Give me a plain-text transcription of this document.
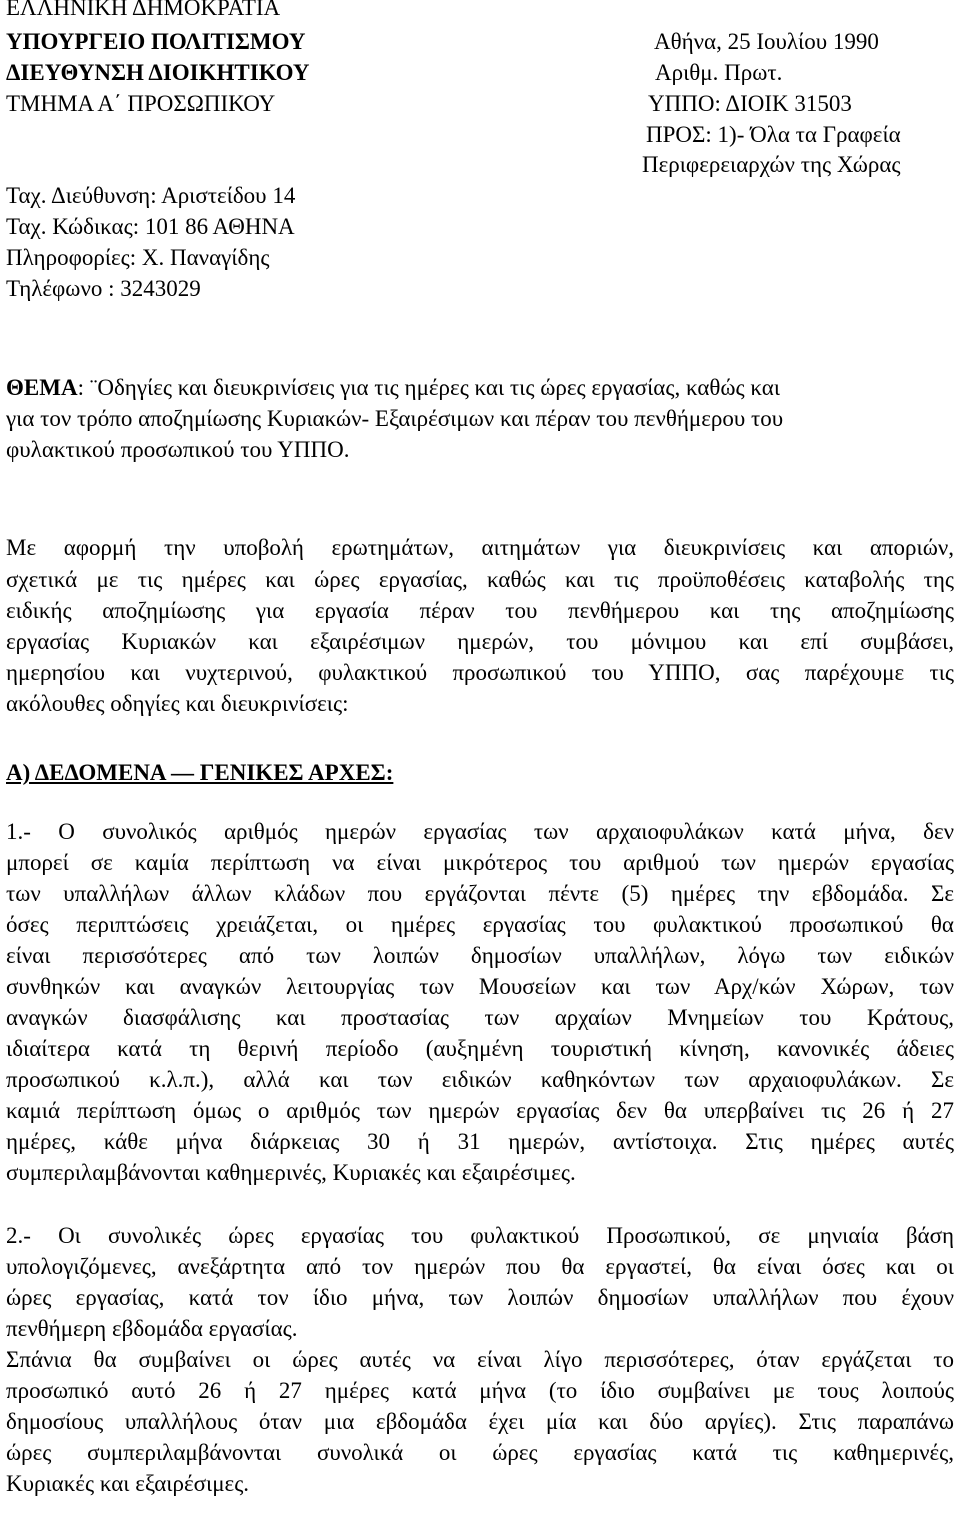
ΕΛΛΗΝΙΚΗ ΔΗΜΟΚΡΑΤΙΑ
ΥΠΟΥΡΓΕΙΟ ΠΟΛΙΤΙΣΜΟΥ
ΔΙΕΥΘΥΝΣΗ ΔΙΟΙΚΗΤΙΚΟΥ
ΤΜΗΜΑ Α΄ ΠΡΟΣΩΠΙΚΟΥ
Αθήνα, 25 Ιουλίου 1990
Αριθμ. Πρωτ.
ΥΠΠΟ: ΔΙΟΙΚ 31503
ΠΡΟΣ: 1)- Όλα τα Γραφεία
Περιφερειαρχών της Χώρας
Ταχ. Διεύθυνση: Αριστείδου 14
Ταχ. Κώδικας: 101 86 ΑΘΗΝΑ
Πληροφορίες: Χ. Παναγίδης
Τηλέφωνο : 3243029
ΘΕΜΑ: ¨Οδηγίες και διευκρινίσεις για τις ημέρες και τις ώρες εργασίας, καθώς και
για τον τρόπο αποζημίωσης Κυριακών- Εξαιρέσιμων και πέραν του πενθήμερου του
φυλακτικού προσωπικού του ΥΠΠΟ.
Με αφορμή την υποβολή ερωτημάτων, αιτημάτων για διευκρινίσεις και αποριών,
σχετικά με τις ημέρες και ώρες εργασίας, καθώς και τις προϋποθέσεις καταβολής της
ειδικής αποζημίωσης για εργασία πέραν του πενθήμερου και της αποζημίωσης
εργασίας Κυριακών και εξαιρέσιμων ημερών, του μόνιμου και επί συμβάσει,
ημερησίου και νυχτερινού, φυλακτικού προσωπικού του ΥΠΠΟ, σας παρέχουμε τις
ακόλουθες οδηγίες και διευκρινίσεις:
Α) ΔΕΔΟΜΕΝΑ — ΓΕΝΙΚΕΣ ΑΡΧΕΣ:
1.- Ο συνολικός αριθμός ημερών εργασίας των αρχαιοφυλάκων κατά μήνα, δεν
μπορεί σε καμία περίπτωση να είναι μικρότερος του αριθμού των ημερών εργασίας
των υπαλλήλων άλλων κλάδων που εργάζονται πέντε (5) ημέρες την εβδομάδα. Σε
όσες περιπτώσεις χρειάζεται, οι ημέρες εργασίας του φυλακτικού προσωπικού θα
είναι περισσότερες από των λοιπών δημοσίων υπαλλήλων, λόγω των ειδικών
συνθηκών και αναγκών λειτουργίας των Μουσείων και των Αρχ/κών Χώρων, των
αναγκών διασφάλισης και προστασίας των αρχαίων Μνημείων του Κράτους,
ιδιαίτερα κατά τη θερινή περίοδο (αυξημένη τουριστική κίνηση, κανονικές άδειες
προσωπικού κ.λ.π.), αλλά και των ειδικών καθηκόντων των αρχαιοφυλάκων. Σε
καμιά περίπτωση όμως ο αριθμός των ημερών εργασίας δεν θα υπερβαίνει τις 26 ή 27
ημέρες, κάθε μήνα διάρκειας 30 ή 31 ημερών, αντίστοιχα. Στις ημέρες αυτές
συμπεριλαμβάνονται καθημερινές, Κυριακές και εξαιρέσιμες.
2.- Οι συνολικές ώρες εργασίας του φυλακτικού Προσωπικού, σε μηνιαία βάση
υπολογιζόμενες, ανεξάρτητα από τον ημερών που θα εργαστεί, θα είναι όσες και οι
ώρες εργασίας, κατά τον ίδιο μήνα, των λοιπών δημοσίων υπαλλήλων που έχουν
πενθήμερη εβδομάδα εργασίας.
Σπάνια θα συμβαίνει οι ώρες αυτές να είναι λίγο περισσότερες, όταν εργάζεται το
προσωπικό αυτό 26 ή 27 ημέρες κατά μήνα (το ίδιο συμβαίνει με τους λοιπούς
δημοσίους υπαλλήλους όταν μια εβδομάδα έχει μία και δύο αργίες). Στις παραπάνω
ώρες συμπεριλαμβάνονται συνολικά οι ώρες εργασίας κατά τις καθημερινές,
Κυριακές και εξαιρέσιμες.
